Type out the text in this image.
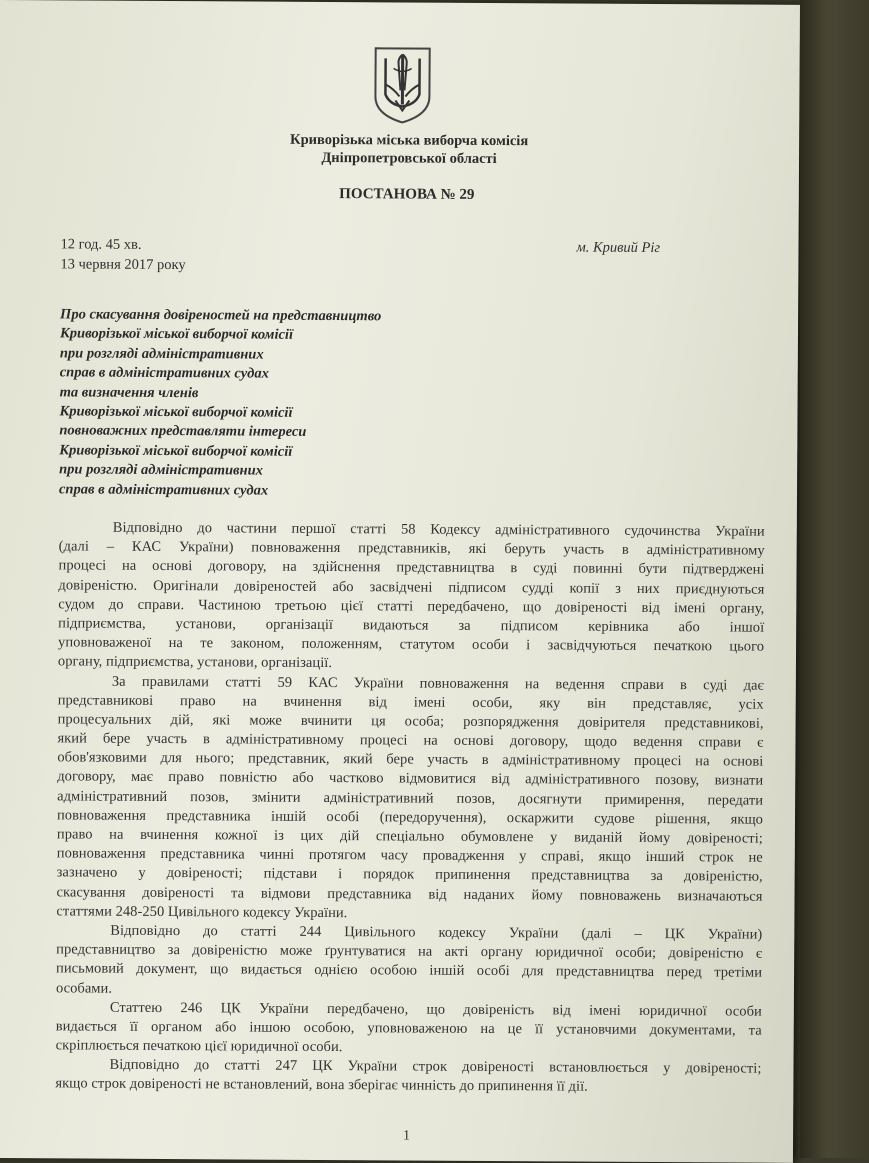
Криворізька міська виборча комісія
Дніпропетровської області
ПОСТАНОВА № 29
12 год. 45 хв.
13 червня 2017 року
м. Кривий Ріг
Про скасування довіреностей на представництво
Криворізької міської виборчої комісії
при розгляді адміністративних
справ в адміністративних судах
та визначення членів
Криворізької міської виборчої комісії
повноважних представляти інтереси
Криворізької міської виборчої комісії
при розгляді адміністративних
справ в адміністративних судах
Відповідно до частини першої статті 58 Кодексу адміністративного судочинства України
(далі – КАС України) повноваження представників, які беруть участь в адміністративному
процесі на основі договору, на здійснення представництва в суді повинні бути підтверджені
довіреністю. Оригінали довіреностей або засвідчені підписом судді копії з них приєднуються
судом до справи. Частиною третьою цієї статті передбачено, що довіреності від імені органу,
підприємства, установи, організації видаються за підписом керівника або іншої
уповноваженої на те законом, положенням, статутом особи і засвідчуються печаткою цього
органу, підприємства, установи, організації.
За правилами статті 59 КАС України повноваження на ведення справи в суді дає
представникові право на вчинення від імені особи, яку він представляє, усіх
процесуальних дій, які може вчинити ця особа; розпорядження довірителя представникові,
який бере участь в адміністративному процесі на основі договору, щодо ведення справи є
обов'язковими для нього; представник, який бере участь в адміністративному процесі на основі
договору, має право повністю або частково відмовитися від адміністративного позову, визнати
адміністративний позов, змінити адміністративний позов, досягнути примирення, передати
повноваження представника іншій особі (передоручення), оскаржити судове рішення, якщо
право на вчинення кожної із цих дій спеціально обумовлене у виданій йому довіреності;
повноваження представника чинні протягом часу провадження у справі, якщо інший строк не
зазначено у довіреності; підстави і порядок припинення представництва за довіреністю,
скасування довіреності та відмови представника від наданих йому повноважень визначаються
статтями 248-250 Цивільного кодексу України.
Відповідно до статті 244 Цивільного кодексу України (далі – ЦК України)
представництво за довіреністю може ґрунтуватися на акті органу юридичної особи; довіреністю є
письмовий документ, що видається однією особою іншій особі для представництва перед третіми
особами.
Статтею 246 ЦК України передбачено, що довіреність від імені юридичної особи
видається її органом або іншою особою, уповноваженою на це її установчими документами, та
скріплюється печаткою цієї юридичної особи.
Відповідно до статті 247 ЦК України строк довіреності встановлюється у довіреності;
якщо строк довіреності не встановлений, вона зберігає чинність до припинення її дії.
1
